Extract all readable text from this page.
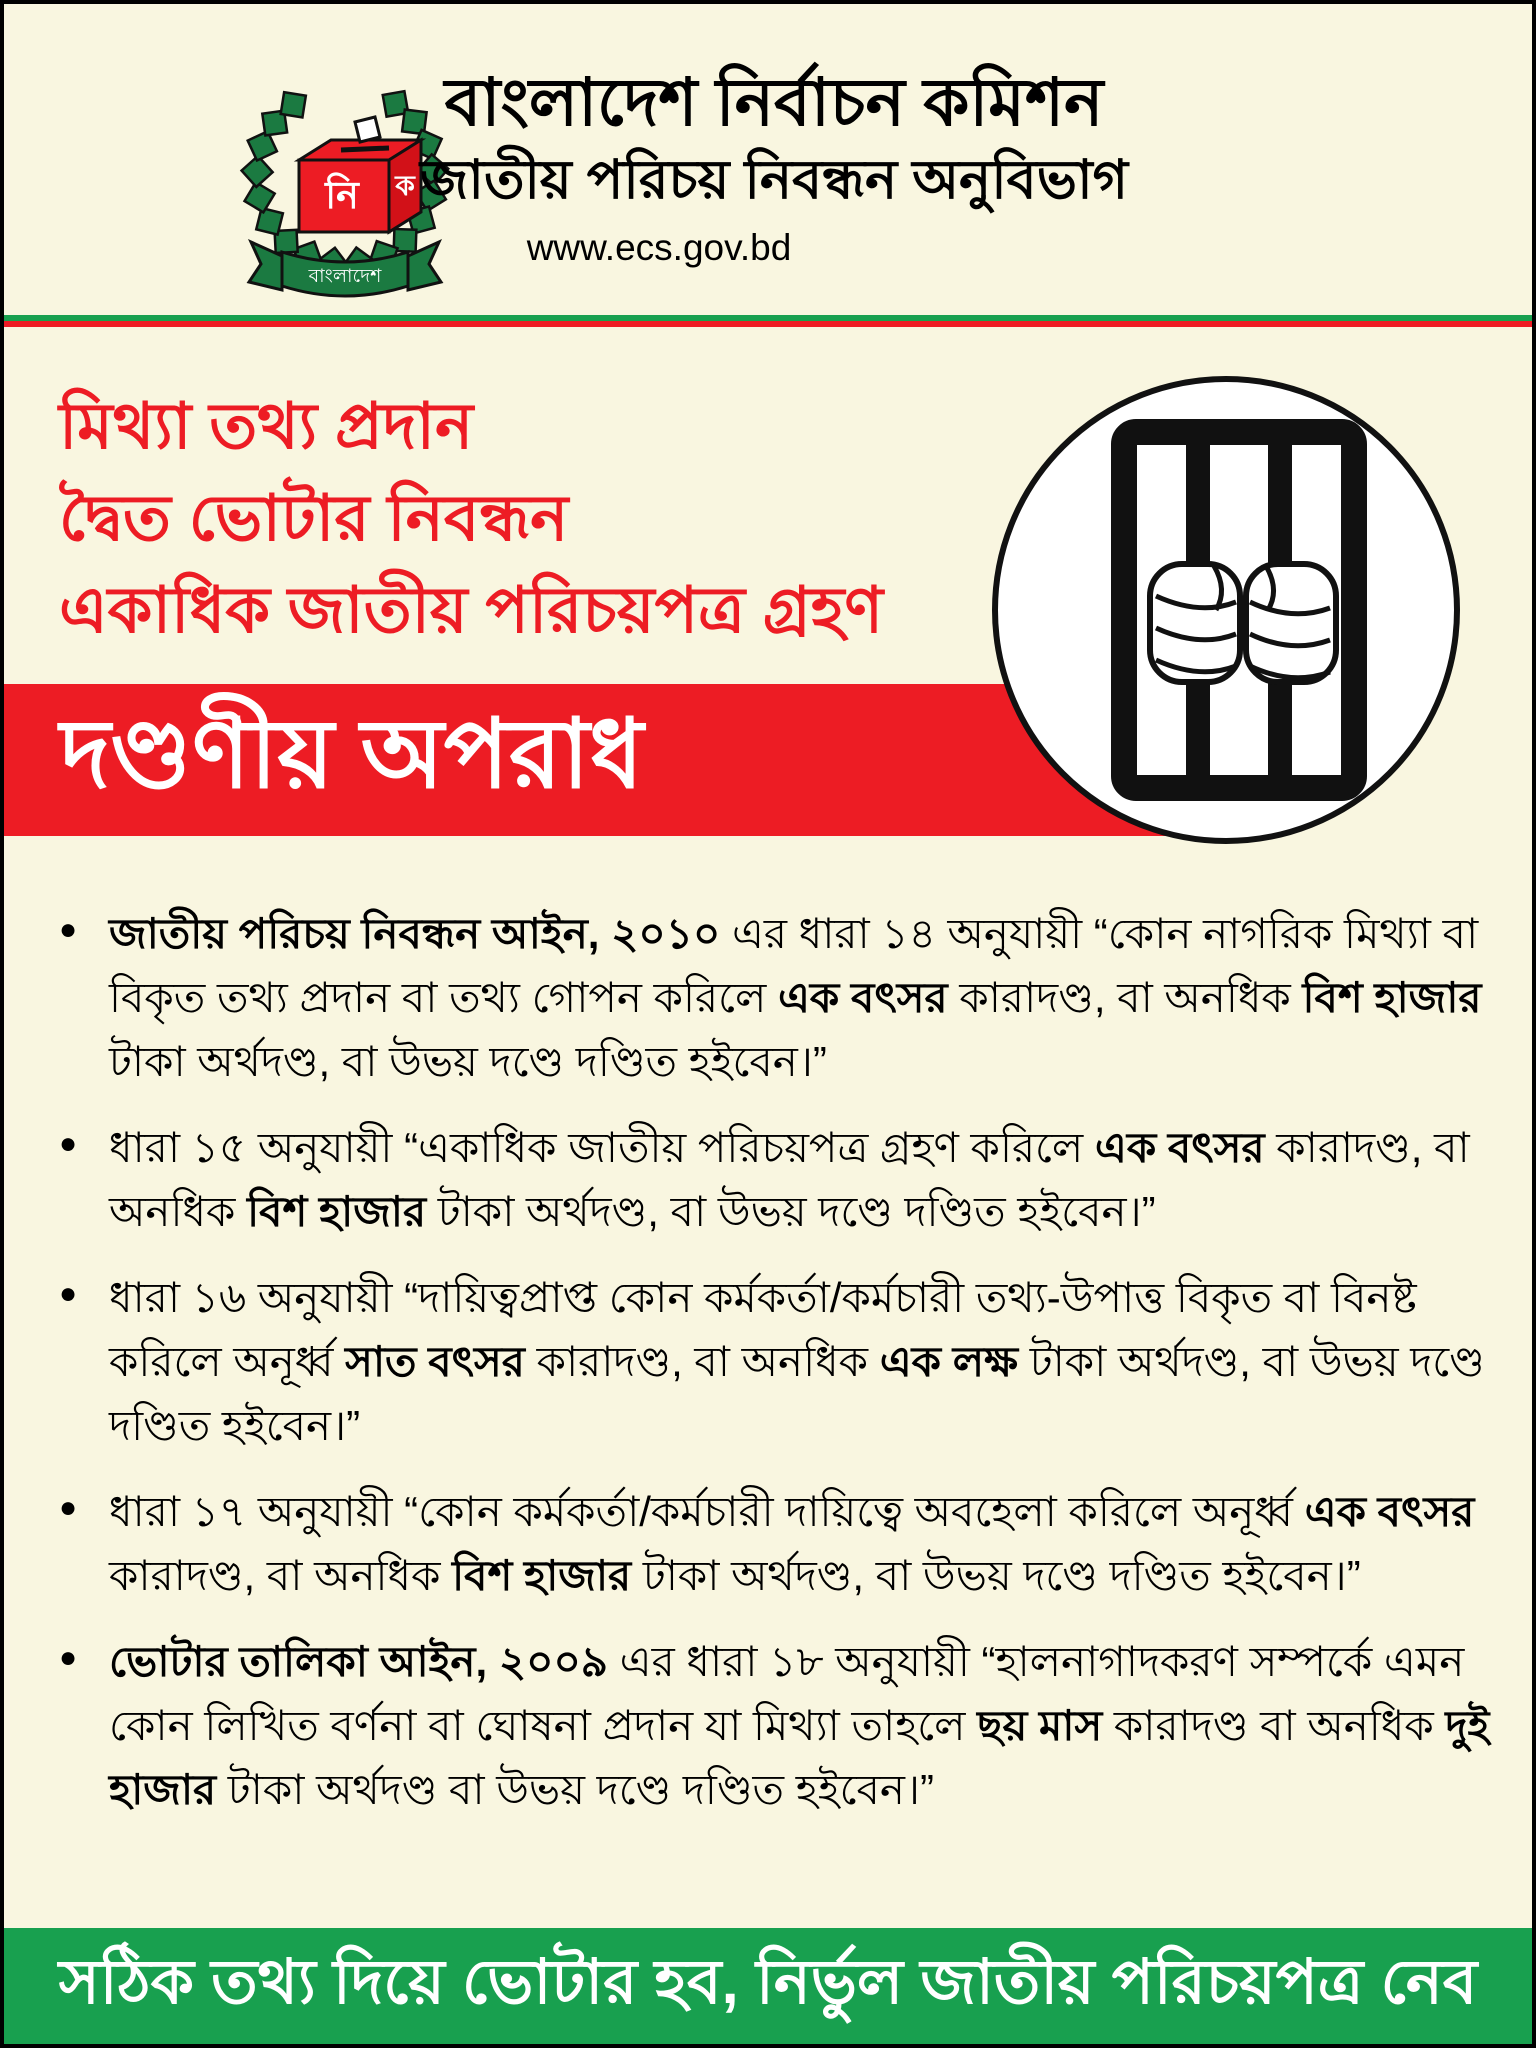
নি ক
বাংলাদেশ
বাংলাদেশ নির্বাচন কমিশন
জাতীয় পরিচয় নিবন্ধন অনুবিভাগ
www.ecs.gov.bd
মিথ্যা তথ্য প্রদান
দ্বৈত ভোটার নিবন্ধন
একাধিক জাতীয় পরিচয়পত্র গ্রহণ
দণ্ডণীয় অপরাধ
● জাতীয় পরিচয় নিবন্ধন আইন, ২০১০ এর ধারা ১৪ অনুযায়ী “কোন নাগরিক মিথ্যা বা বিকৃত তথ্য প্রদান বা তথ্য গোপন করিলে এক বৎসর কারাদণ্ড, বা অনধিক বিশ হাজার টাকা অর্থদণ্ড, বা উভয় দণ্ডে দণ্ডিত হইবেন।”
● ধারা ১৫ অনুযায়ী “একাধিক জাতীয় পরিচয়পত্র গ্রহণ করিলে এক বৎসর কারাদণ্ড, বা অনধিক বিশ হাজার টাকা অর্থদণ্ড, বা উভয় দণ্ডে দণ্ডিত হইবেন।”
● ধারা ১৬ অনুযায়ী “দায়িত্বপ্রাপ্ত কোন কর্মকর্তা/কর্মচারী তথ্য-উপাত্ত বিকৃত বা বিনষ্ট করিলে অনূর্ধ্ব সাত বৎসর কারাদণ্ড, বা অনধিক এক লক্ষ টাকা অর্থদণ্ড, বা উভয় দণ্ডে দণ্ডিত হইবেন।”
● ধারা ১৭ অনুযায়ী “কোন কর্মকর্তা/কর্মচারী দায়িত্বে অবহেলা করিলে অনূর্ধ্ব এক বৎসর কারাদণ্ড, বা অনধিক বিশ হাজার টাকা অর্থদণ্ড, বা উভয় দণ্ডে দণ্ডিত হইবেন।”
● ভোটার তালিকা আইন, ২০০৯ এর ধারা ১৮ অনুযায়ী “হালনাগাদকরণ সম্পর্কে এমন কোন লিখিত বর্ণনা বা ঘোষনা প্রদান যা মিথ্যা তাহলে ছয় মাস কারাদণ্ড বা অনধিক দুই হাজার টাকা অর্থদণ্ড বা উভয় দণ্ডে দণ্ডিত হইবেন।”
সঠিক তথ্য দিয়ে ভোটার হব, নির্ভুল জাতীয় পরিচয়পত্র নেব
